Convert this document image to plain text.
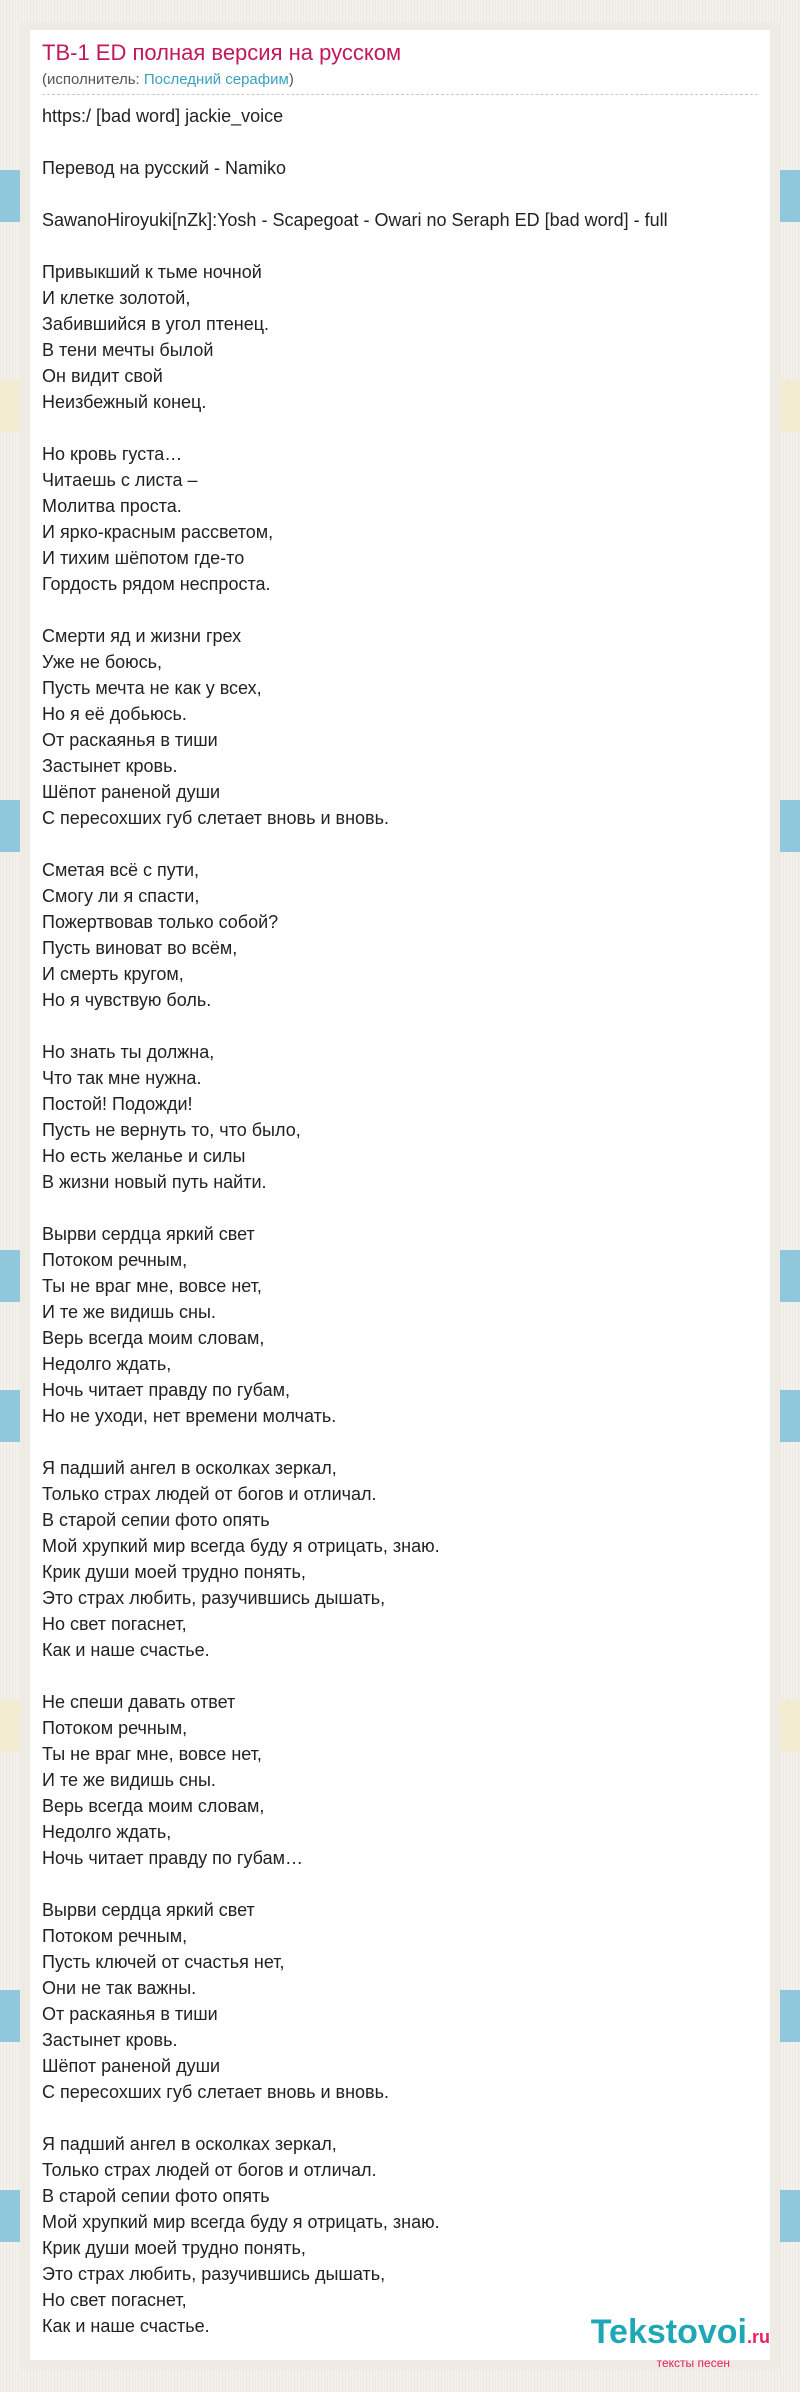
ТВ-1 ED полная версия на русском
(исполнитель: Последний серафим)
https:/ [bad word] jackie_voice
Перевод на русский - Namiko
SawanoHiroyuki[nZk]:Yosh - Scapegoat - Owari no Seraph ED [bad word] - full
Привыкший к тьме ночной
И клетке золотой,
Забившийся в угол птенец.
В тени мечты былой
Он видит свой
Неизбежный конец.
Но кровь густа…
Читаешь с листа –
Молитва проста.
И ярко-красным рассветом,
И тихим шёпотом где-то
Гордость рядом неспроста.
Смерти яд и жизни грех
Уже не боюсь,
Пусть мечта не как у всех,
Но я её добьюсь.
От раскаянья в тиши
Застынет кровь.
Шёпот раненой души
С пересохших губ слетает вновь и вновь.
Сметая всё с пути,
Смогу ли я спасти,
Пожертвовав только собой?
Пусть виноват во всём,
И смерть кругом,
Но я чувствую боль.
Но знать ты должна,
Что так мне нужна.
Постой! Подожди!
Пусть не вернуть то, что было,
Но есть желанье и силы
В жизни новый путь найти.
Вырви сердца яркий свет
Потоком речным,
Ты не враг мне, вовсе нет,
И те же видишь сны.
Верь всегда моим словам,
Недолго ждать,
Ночь читает правду по губам,
Но не уходи, нет времени молчать.
Я падший ангел в осколках зеркал,
Только страх людей от богов и отличал.
В старой сепии фото опять
Мой хрупкий мир всегда буду я отрицать, знаю.
Крик души моей трудно понять,
Это страх любить, разучившись дышать,
Но свет погаснет,
Как и наше счастье.
Не спеши давать ответ
Потоком речным,
Ты не враг мне, вовсе нет,
И те же видишь сны.
Верь всегда моим словам,
Недолго ждать,
Ночь читает правду по губам…
Вырви сердца яркий свет
Потоком речным,
Пусть ключей от счастья нет,
Они не так важны.
От раскаянья в тиши
Застынет кровь.
Шёпот раненой души
С пересохших губ слетает вновь и вновь.
Я падший ангел в осколках зеркал,
Только страх людей от богов и отличал.
В старой сепии фото опять
Мой хрупкий мир всегда буду я отрицать, знаю.
Крик души моей трудно понять,
Это страх любить, разучившись дышать,
Но свет погаснет,
Как и наше счастье.	Tekstovoi.ru
тексты песен
